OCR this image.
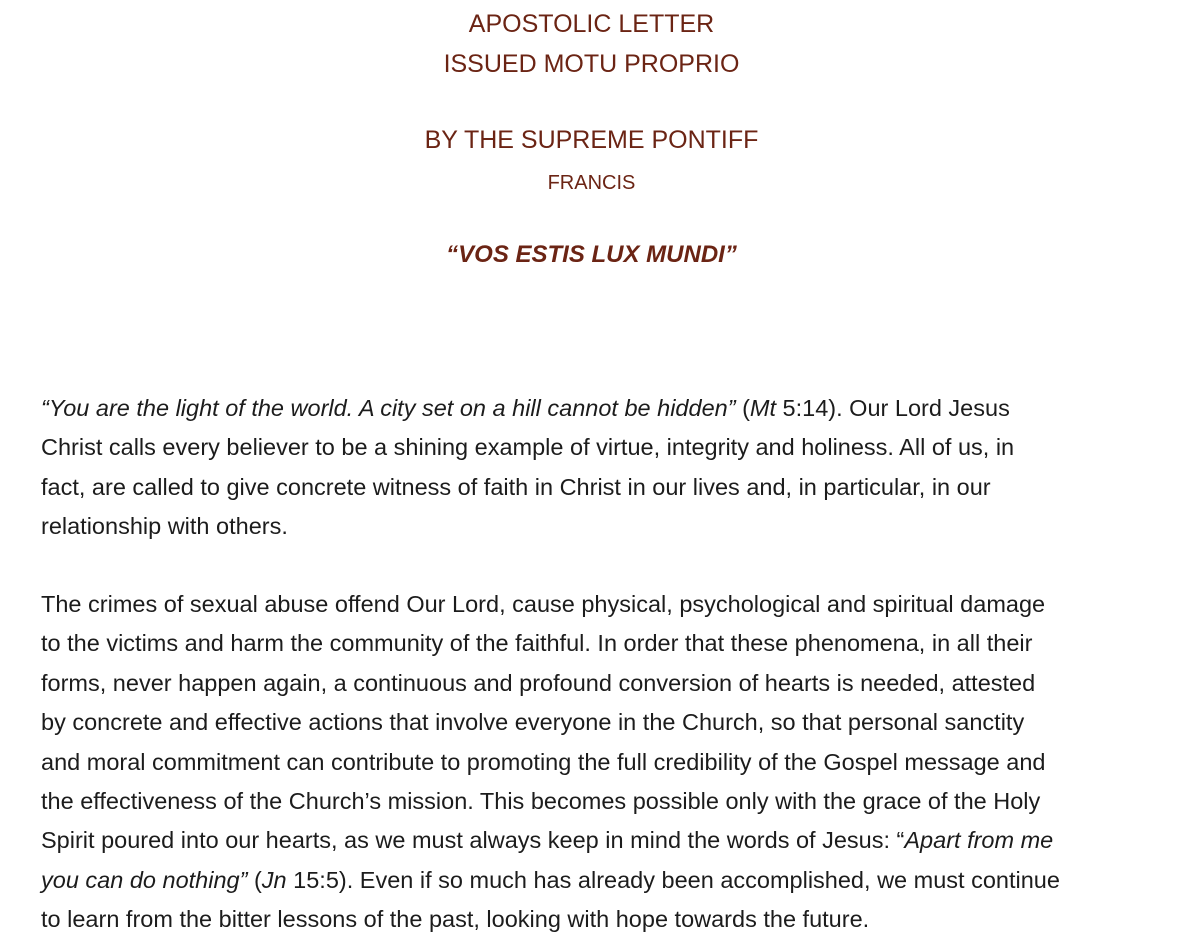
APOSTOLIC LETTER
ISSUED MOTU PROPRIO
BY THE SUPREME PONTIFF
FRANCIS
“VOS ESTIS LUX MUNDI”
“You are the light of the world. A city set on a hill cannot be hidden” (Mt 5:14). Our Lord Jesus
Christ calls every believer to be a shining example of virtue, integrity and holiness. All of us, in
fact, are called to give concrete witness of faith in Christ in our lives and, in particular, in our
relationship with others.
The crimes of sexual abuse offend Our Lord, cause physical, psychological and spiritual damage
to the victims and harm the community of the faithful. In order that these phenomena, in all their
forms, never happen again, a continuous and profound conversion of hearts is needed, attested
by concrete and effective actions that involve everyone in the Church, so that personal sanctity
and moral commitment can contribute to promoting the full credibility of the Gospel message and
the effectiveness of the Church’s mission. This becomes possible only with the grace of the Holy
Spirit poured into our hearts, as we must always keep in mind the words of Jesus: “Apart from me
you can do nothing” (Jn 15:5). Even if so much has already been accomplished, we must continue
to learn from the bitter lessons of the past, looking with hope towards the future.
